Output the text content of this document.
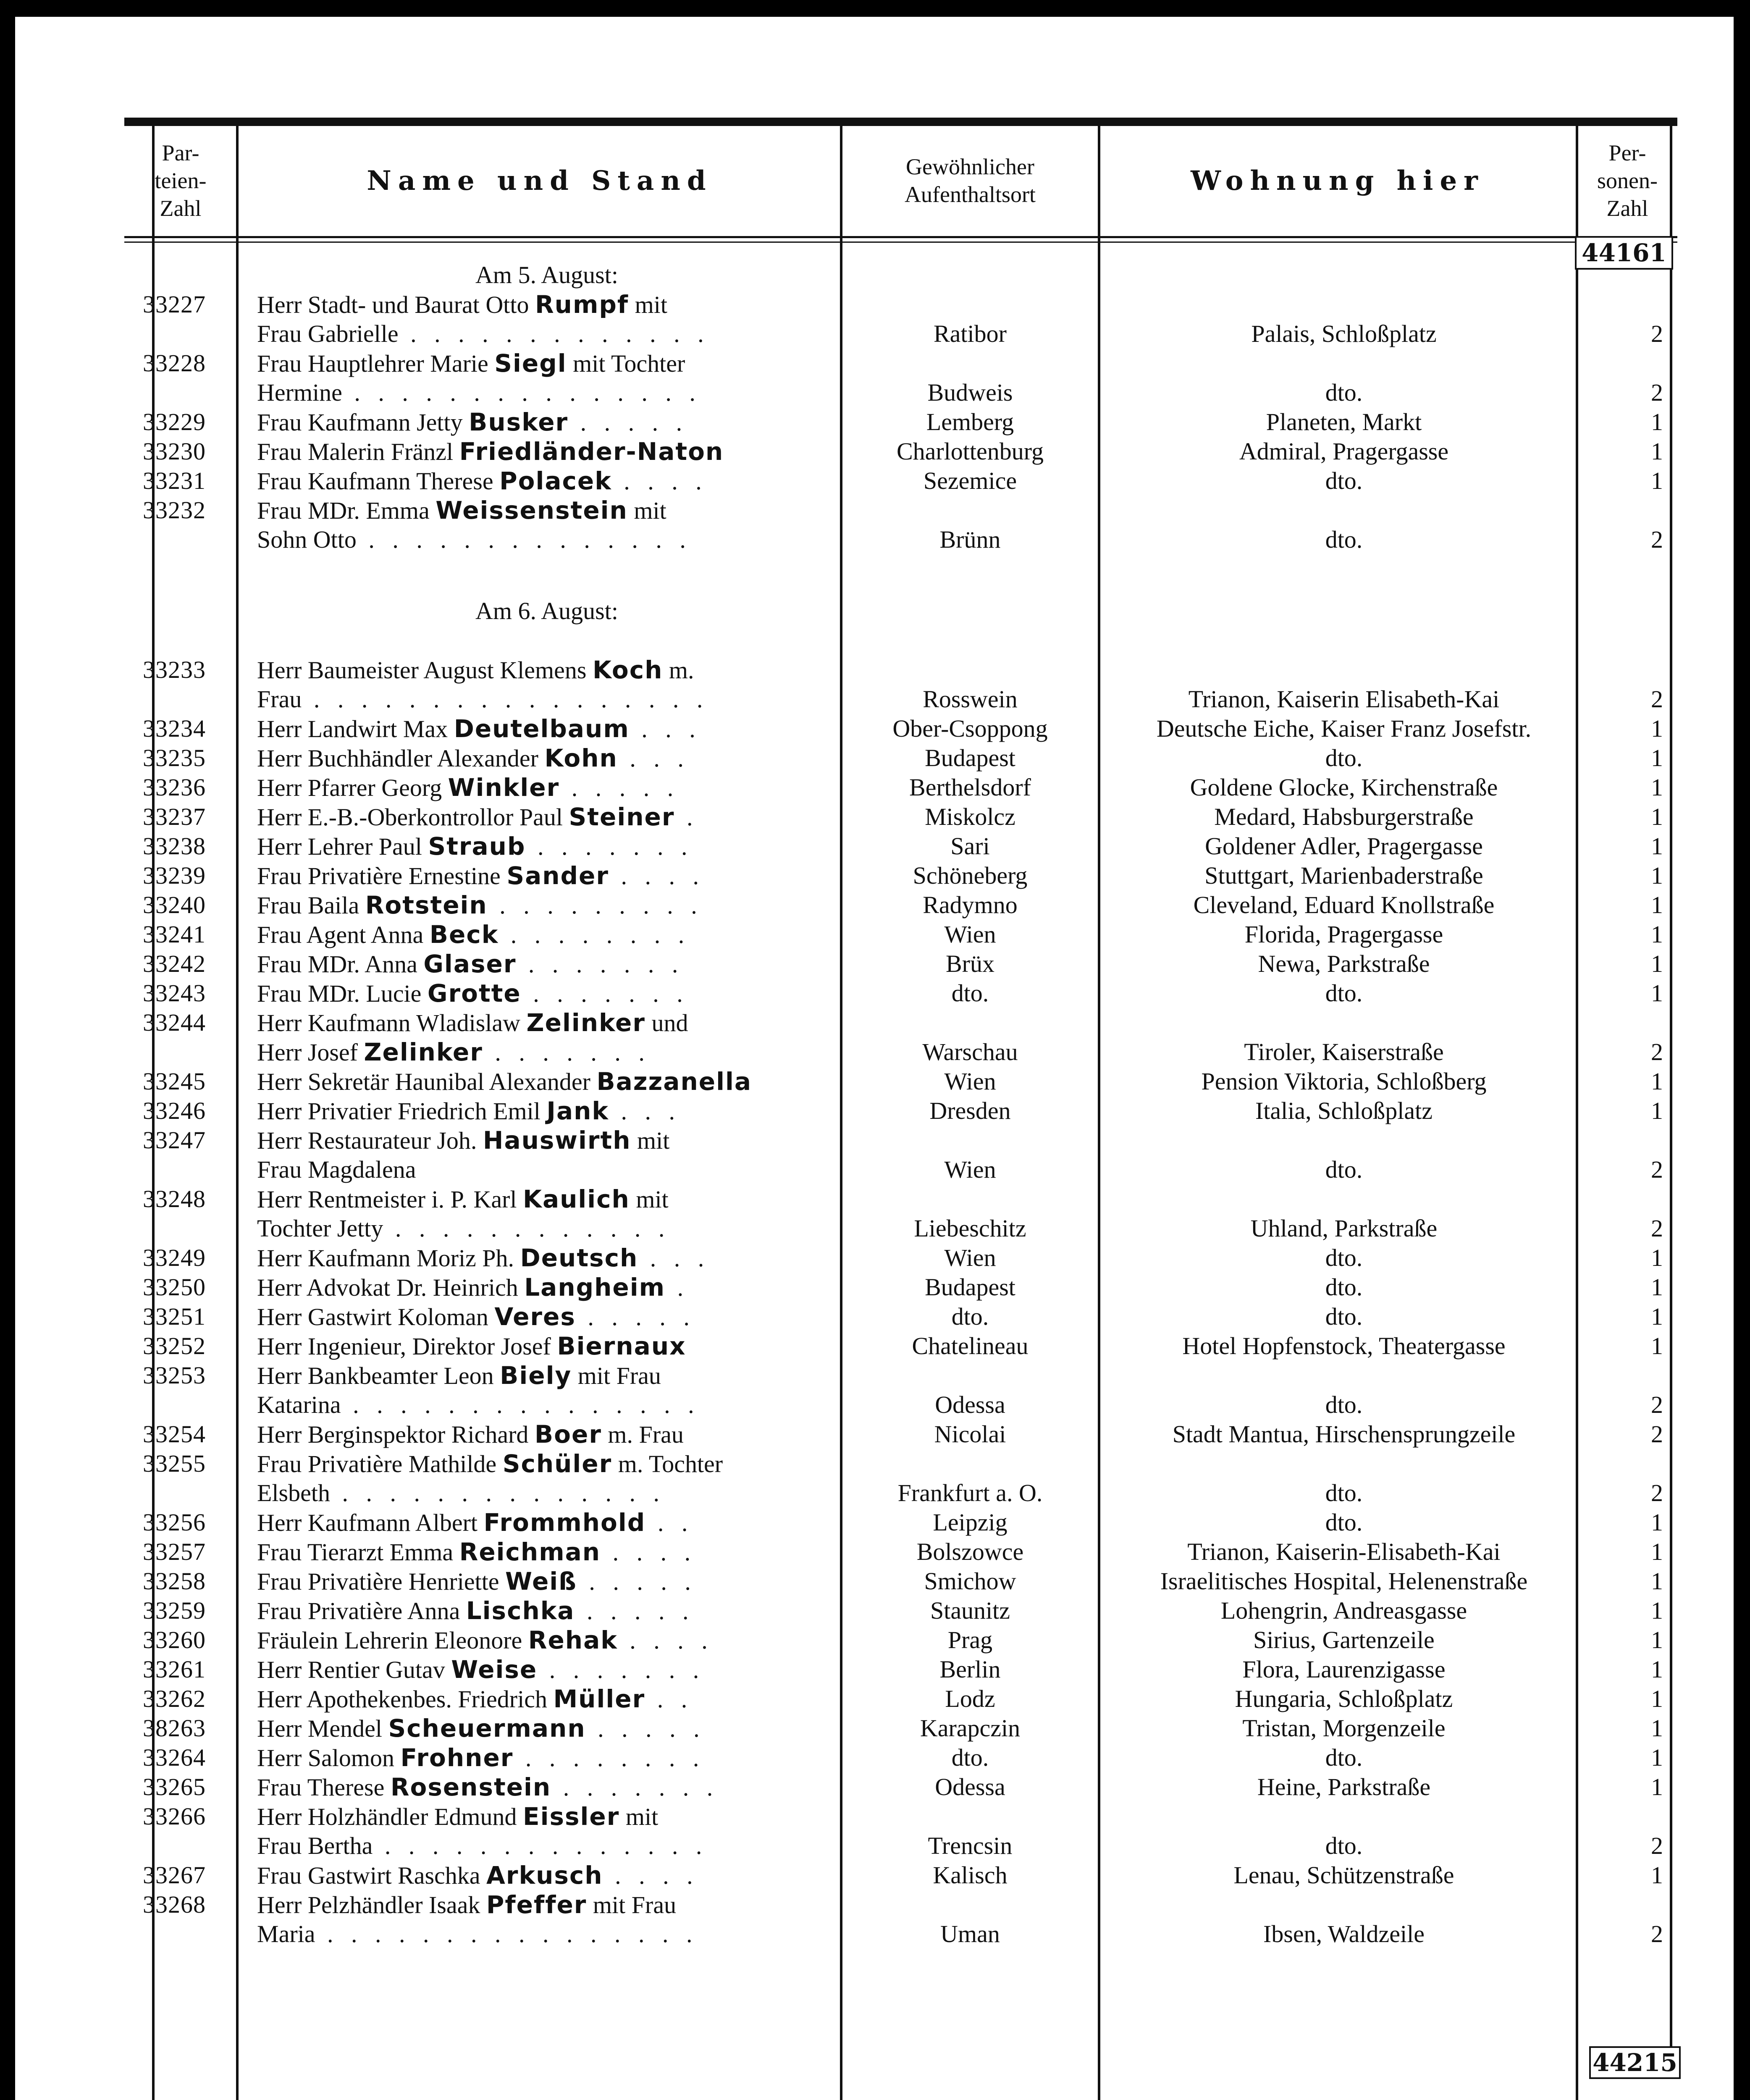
Par-
teien-
Zahl
Name und Stand	Gewöhnlicher
Aufenthaltsort	Wohnung hier
Per-
sonen-
Zahl
44161
44215
Am 5. August:
33227	Herr Stadt- und Baurat Otto Rumpf mit
Frau Gabrielle . . . . . . . . . . . . .	Ratibor	Palais, Schloßplatz	2
33228	Frau Hauptlehrer Marie Siegl mit Tochter
Hermine . . . . . . . . . . . . . . .	Budweis	dto.	2
33229	Frau Kaufmann Jetty Busker . . . . .	Lemberg	Planeten, Markt	1
33230	Frau Malerin Fränzl Friedländer-Naton	Charlottenburg	Admiral, Pragergasse	1
33231	Frau Kaufmann Therese Polacek . . . .	Sezemice	dto.	1
33232	Frau MDr. Emma Weissenstein mit
Sohn Otto . . . . . . . . . . . . . .	Brünn	dto.	2
Am 6. August:
33233	Herr Baumeister August Klemens Koch m.
Frau . . . . . . . . . . . . . . . . .	Rosswein	Trianon, Kaiserin Elisabeth-Kai	2
33234	Herr Landwirt Max Deutelbaum . . .	Ober-Csoppong	Deutsche Eiche, Kaiser Franz Josefstr.	1
33235	Herr Buchhändler Alexander Kohn . . .	Budapest	dto.	1
33236	Herr Pfarrer Georg Winkler . . . . .	Berthelsdorf	Goldene Glocke, Kirchenstraße	1
33237	Herr E.-B.-Oberkontrollor Paul Steiner .	Miskolcz	Medard, Habsburgerstraße	1
33238	Herr Lehrer Paul Straub . . . . . . .	Sari	Goldener Adler, Pragergasse	1
33239	Frau Privatière Ernestine Sander . . . .	Schöneberg	Stuttgart, Marienbaderstraße	1
33240	Frau Baila Rotstein . . . . . . . . .	Radymno	Cleveland, Eduard Knollstraße	1
33241	Frau Agent Anna Beck . . . . . . . .	Wien	Florida, Pragergasse	1
33242	Frau MDr. Anna Glaser . . . . . . .	Brüx	Newa, Parkstraße	1
33243	Frau MDr. Lucie Grotte . . . . . . .	dto.	dto.	1
33244	Herr Kaufmann Wladislaw Zelinker und
Herr Josef Zelinker . . . . . . .	Warschau	Tiroler, Kaiserstraße	2
33245	Herr Sekretär Haunibal Alexander Bazzanella	Wien	Pension Viktoria, Schloßberg	1
33246	Herr Privatier Friedrich Emil Jank . . .	Dresden	Italia, Schloßplatz	1
33247	Herr Restaurateur Joh. Hauswirth mit
Frau Magdalena	Wien	dto.	2
33248	Herr Rentmeister i. P. Karl Kaulich mit
Tochter Jetty . . . . . . . . . . . .	Liebeschitz	Uhland, Parkstraße	2
33249	Herr Kaufmann Moriz Ph. Deutsch . . .	Wien	dto.	1
33250	Herr Advokat Dr. Heinrich Langheim .	Budapest	dto.	1
33251	Herr Gastwirt Koloman Veres . . . . .	dto.	dto.	1
33252	Herr Ingenieur, Direktor Josef Biernaux	Chatelineau	Hotel Hopfenstock, Theatergasse	1
33253	Herr Bankbeamter Leon Biely mit Frau
Katarina . . . . . . . . . . . . . . .	Odessa	dto.	2
33254	Herr Berginspektor Richard Boer m. Frau	Nicolai	Stadt Mantua, Hirschensprungzeile	2
33255	Frau Privatière Mathilde Schüler m. Tochter
Elsbeth . . . . . . . . . . . . . .	Frankfurt a. O.	dto.	2
33256	Herr Kaufmann Albert Frommhold . .	Leipzig	dto.	1
33257	Frau Tierarzt Emma Reichman . . . .	Bolszowce	Trianon, Kaiserin-Elisabeth-Kai	1
33258	Frau Privatière Henriette Weiß . . . . .	Smichow	Israelitisches Hospital, Helenenstraße	1
33259	Frau Privatière Anna Lischka . . . . .	Staunitz	Lohengrin, Andreasgasse	1
33260	Fräulein Lehrerin Eleonore Rehak . . . .	Prag	Sirius, Gartenzeile	1
33261	Herr Rentier Gutav Weise . . . . . . .	Berlin	Flora, Laurenzigasse	1
33262	Herr Apothekenbes. Friedrich Müller . .	Lodz	Hungaria, Schloßplatz	1
38263	Herr Mendel Scheuermann . . . . .	Karapczin	Tristan, Morgenzeile	1
33264	Herr Salomon Frohner . . . . . . . .	dto.	dto.	1
33265	Frau Therese Rosenstein . . . . . . .	Odessa	Heine, Parkstraße	1
33266	Herr Holzhändler Edmund Eissler mit
Frau Bertha . . . . . . . . . . . . . .	Trencsin	dto.	2
33267	Frau Gastwirt Raschka Arkusch . . . .	Kalisch	Lenau, Schützenstraße	1
33268	Herr Pelzhändler Isaak Pfeffer mit Frau
Maria . . . . . . . . . . . . . . . .	Uman	Ibsen, Waldzeile	2
